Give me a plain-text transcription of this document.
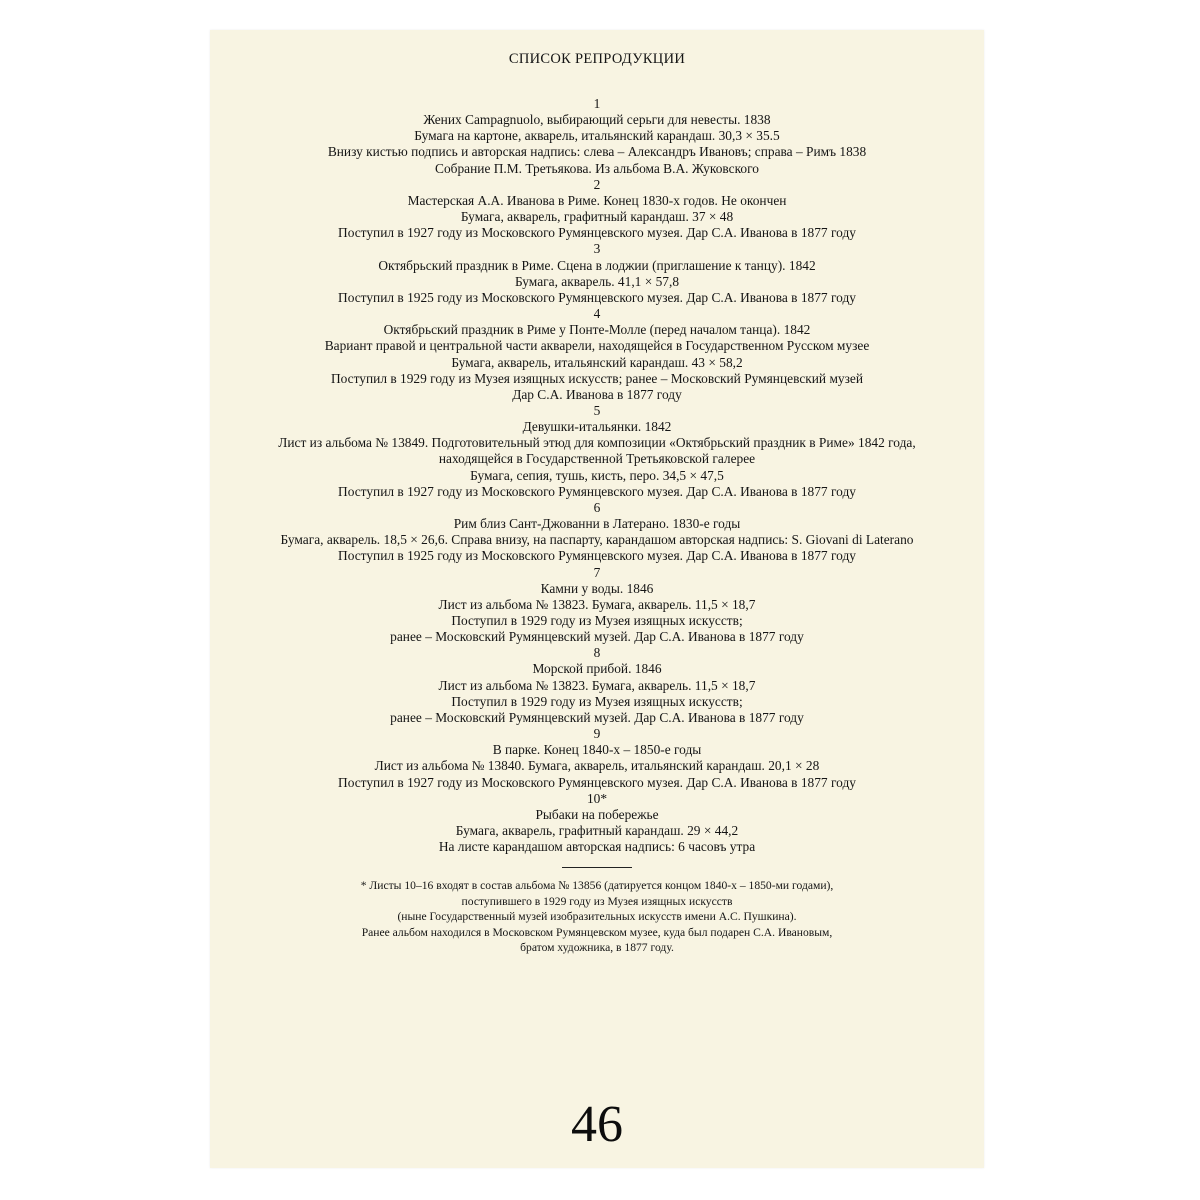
СПИСОК РЕПРОДУКЦИИ
1
Жених Campagnuolo, выбирающий серьги для невесты. 1838
Бумага на картоне, акварель, итальянский карандаш. 30,3 × 35.5
Внизу кистью подпись и авторская надпись: слева – Александръ Ивановъ; справа – Римъ 1838
Собрание П.М. Третьякова. Из альбома В.А. Жуковского
2
Мастерская А.А. Иванова в Риме. Конец 1830-х годов. Не окончен
Бумага, акварель, графитный карандаш. 37 × 48
Поступил в 1927 году из Московского Румянцевского музея. Дар С.А. Иванова в 1877 году
3
Октябрьский праздник в Риме. Сцена в лоджии (приглашение к танцу). 1842
Бумага, акварель. 41,1 × 57,8
Поступил в 1925 году из Московского Румянцевского музея. Дар С.А. Иванова в 1877 году
4
Октябрьский праздник в Риме у Понте-Молле (перед началом танца). 1842
Вариант правой и центральной части акварели, находящейся в Государственном Русском музее
Бумага, акварель, итальянский карандаш. 43 × 58,2
Поступил в 1929 году из Музея изящных искусств; ранее – Московский Румянцевский музей
Дар С.А. Иванова в 1877 году
5
Девушки-итальянки. 1842
Лист из альбома № 13849. Подготовительный этюд для композиции «Октябрьский праздник в Риме» 1842 года,
находящейся в Государственной Третьяковской галерее
Бумага, сепия, тушь, кисть, перо. 34,5 × 47,5
Поступил в 1927 году из Московского Румянцевского музея. Дар С.А. Иванова в 1877 году
6
Рим близ Сант-Джованни в Латерано. 1830-е годы
Бумага, акварель. 18,5 × 26,6. Справа внизу, на паспарту, карандашом авторская надпись: S. Giovani di Laterano
Поступил в 1925 году из Московского Румянцевского музея. Дар С.А. Иванова в 1877 году
7
Камни у воды. 1846
Лист из альбома № 13823. Бумага, акварель. 11,5 × 18,7
Поступил в 1929 году из Музея изящных искусств;
ранее – Московский Румянцевский музей. Дар С.А. Иванова в 1877 году
8
Морской прибой. 1846
Лист из альбома № 13823. Бумага, акварель. 11,5 × 18,7
Поступил в 1929 году из Музея изящных искусств;
ранее – Московский Румянцевский музей. Дар С.А. Иванова в 1877 году
9
В парке. Конец 1840-х – 1850-е годы
Лист из альбома № 13840. Бумага, акварель, итальянский карандаш. 20,1 × 28
Поступил в 1927 году из Московского Румянцевского музея. Дар С.А. Иванова в 1877 году
10*
Рыбаки на побережье
Бумага, акварель, графитный карандаш. 29 × 44,2
На листе карандашом авторская надпись: 6 часовъ утра
* Листы 10–16 входят в состав альбома № 13856 (датируется концом 1840-х – 1850-ми годами),
поступившего в 1929 году из Музея изящных искусств
(ныне Государственный музей изобразительных искусств имени А.С. Пушкина).
Ранее альбом находился в Московском Румянцевском музее, куда был подарен С.А. Ивановым,
братом художника, в 1877 году.
46
